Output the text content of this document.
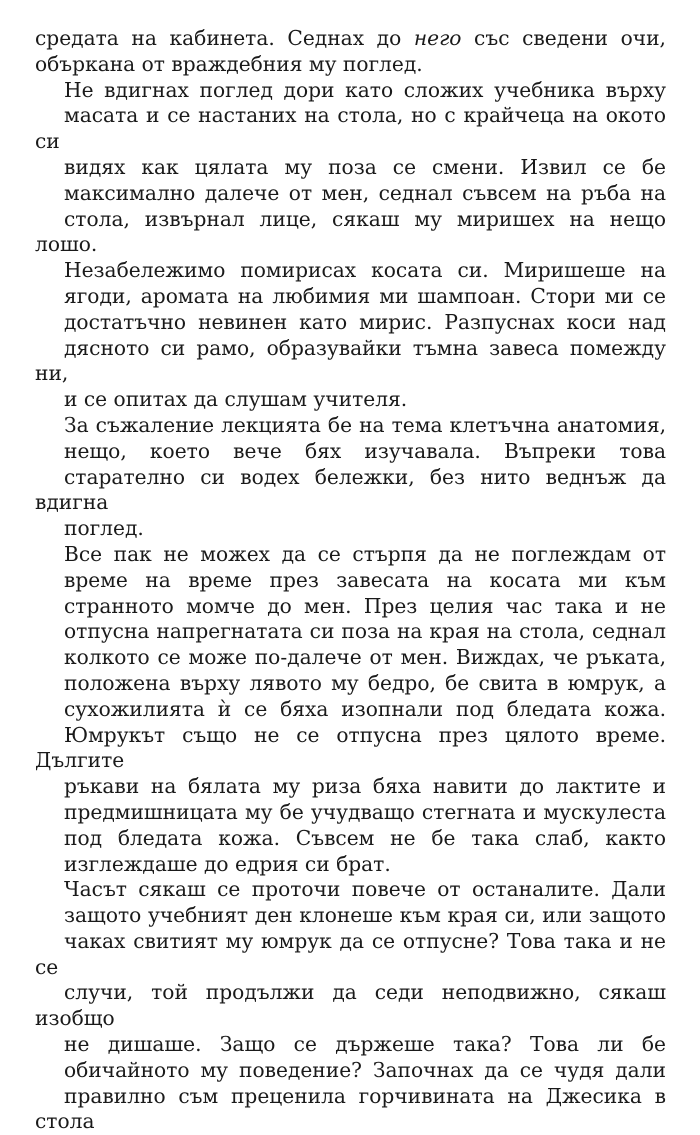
средата на кабинета. Седнах до него със сведени очи,
объркана от враждебния му поглед.

Не вдигнах поглед дори като сложих учебника върху
масата и се настаних на стола, но с крайчеца на окото си
видях как цялата му поза се смени. Извил се бе
максимално далече от мен, седнал съвсем на ръба на
стола, извърнал лице, сякаш му миришех на нещо лошо.
Незабележимо помирисах косата си. Миришеше на
ягоди, аромата на любимия ми шампоан. Стори ми се
достатъчно невинен като мирис. Разпуснах коси над
дясното си рамо, образувайки тъмна завеса помежду ни,
и се опитах да слушам учителя.

За съжаление лекцията бе на тема клетъчна анатомия,
нещо, което вече бях изучавала. Въпреки това
старателно си водех бележки, без нито веднъж да вдигна
поглед.

Все пак не можех да се стърпя да не поглеждам от
време на време през завесата на косата ми към
странното момче до мен. През целия час така и не
отпусна напрегнатата си поза на края на стола, седнал
колкото се може по-далече от мен. Виждах, че ръката,
положена върху лявото му бедро, бе свита в юмрук, а
сухожилията ѝ се бяха изопнали под бледата кожа.
Юмрукът също не се отпусна през цялото време. Дългите
ръкави на бялата му риза бяха навити до лактите и
предмишницата му бе учудващо стегната и мускулеста
под бледата кожа. Съвсем не бе така слаб, както
изглеждаше до едрия си брат.

Часът сякаш се проточи повече от останалите. Дали
защото учебният ден клонеше към края си, или защото
чаках свитият му юмрук да се отпусне? Това така и не се
случи, той продължи да седи неподвижно, сякаш изобщо
не дишаше. Защо се държеше така? Това ли бе
обичайното му поведение? Започнах да се чудя дали
правилно съм преценила горчивината на Джесика в стола
